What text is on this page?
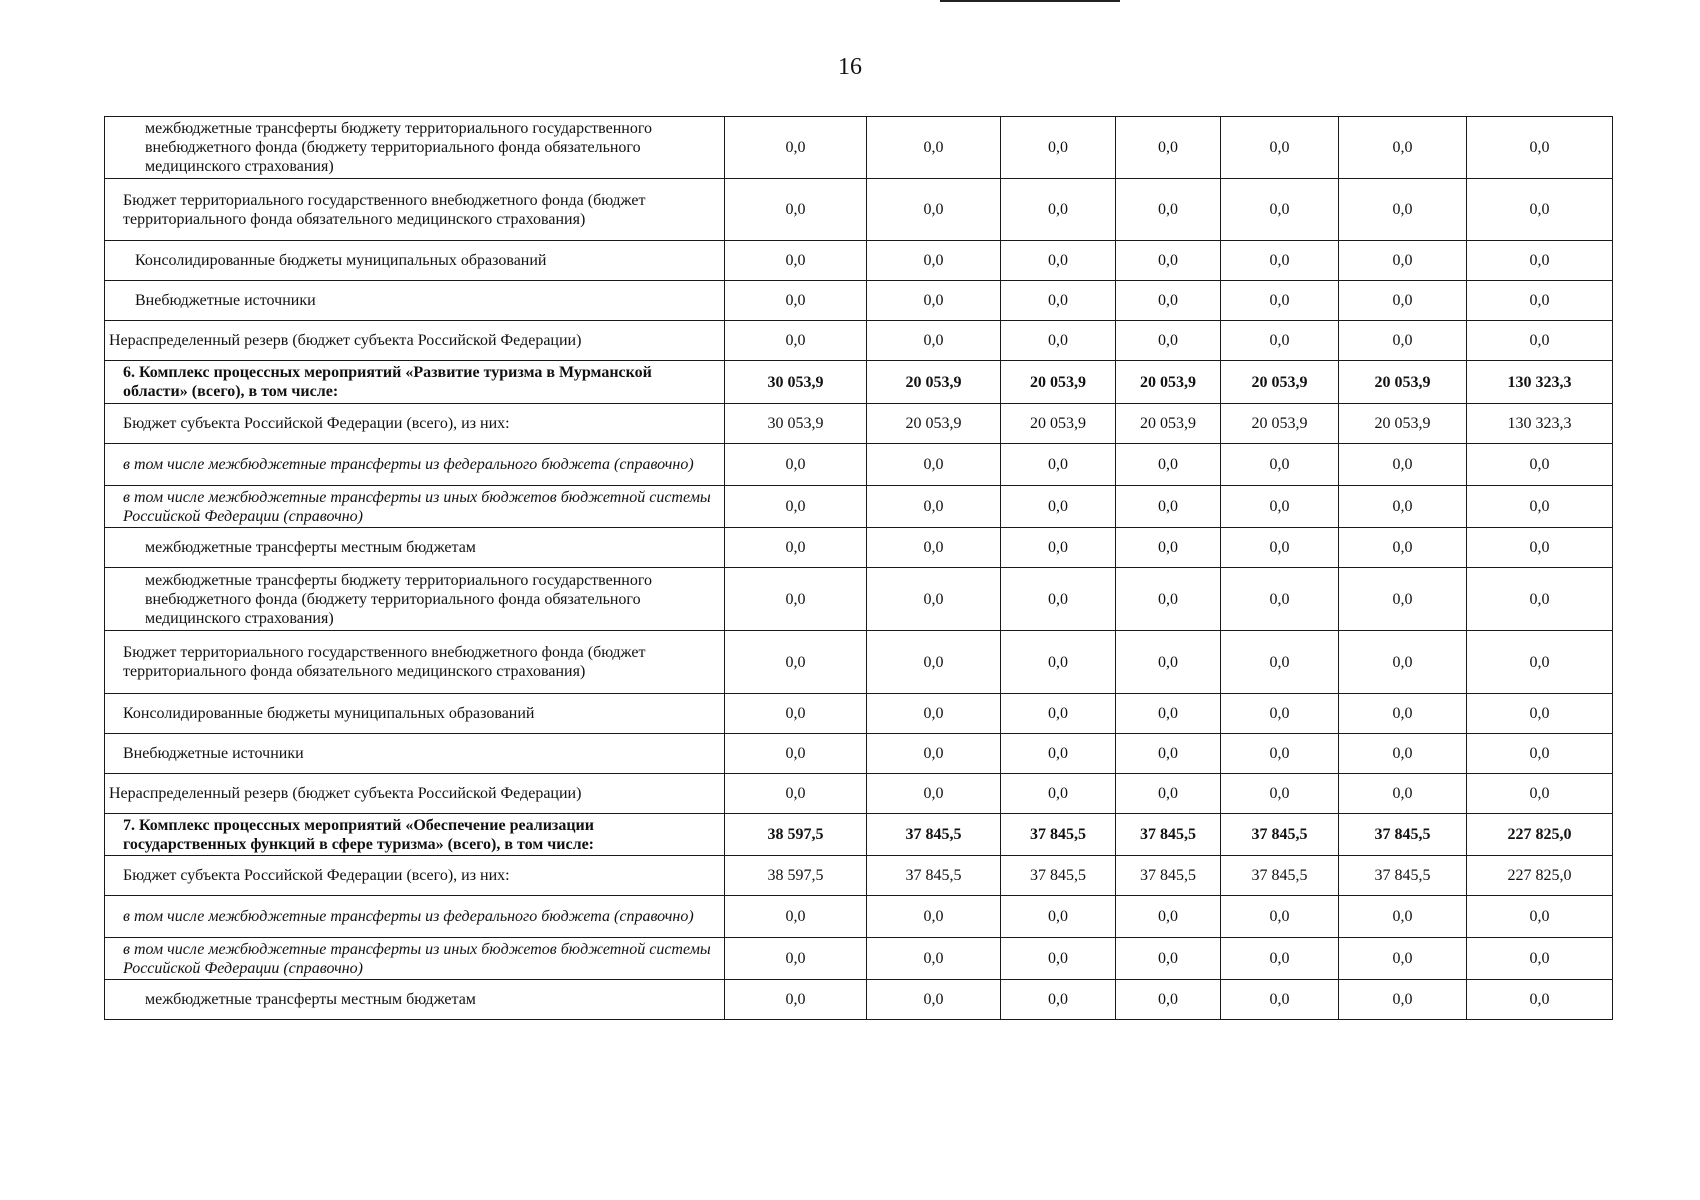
16
межбюджетные трансферты бюджету территориального государственного внебюджетного фонда (бюджету территориального фонда обязательного медицинского страхования)	0,0	0,0	0,0	0,0	0,0	0,0	0,0
Бюджет территориального государственного внебюджетного фонда (бюджет территориального фонда обязательного медицинского страхования)	0,0	0,0	0,0	0,0	0,0	0,0	0,0
Консолидированные бюджеты муниципальных образований	0,0	0,0	0,0	0,0	0,0	0,0	0,0
Внебюджетные источники	0,0	0,0	0,0	0,0	0,0	0,0	0,0
Нераспределенный резерв (бюджет субъекта Российской Федерации)	0,0	0,0	0,0	0,0	0,0	0,0	0,0
6. Комплекс процессных мероприятий «Развитие туризма в Мурманской области» (всего), в том числе:	30 053,9	20 053,9	20 053,9	20 053,9	20 053,9	20 053,9	130 323,3
Бюджет субъекта Российской Федерации (всего), из них:	30 053,9	20 053,9	20 053,9	20 053,9	20 053,9	20 053,9	130 323,3
в том числе межбюджетные трансферты из федерального бюджета (справочно)	0,0	0,0	0,0	0,0	0,0	0,0	0,0
в том числе межбюджетные трансферты из иных бюджетов бюджетной системы Российской Федерации (справочно)	0,0	0,0	0,0	0,0	0,0	0,0	0,0
межбюджетные трансферты местным бюджетам	0,0	0,0	0,0	0,0	0,0	0,0	0,0
межбюджетные трансферты бюджету территориального государственного внебюджетного фонда (бюджету территориального фонда обязательного медицинского страхования)	0,0	0,0	0,0	0,0	0,0	0,0	0,0
Бюджет территориального государственного внебюджетного фонда (бюджет территориального фонда обязательного медицинского страхования)	0,0	0,0	0,0	0,0	0,0	0,0	0,0
Консолидированные бюджеты муниципальных образований	0,0	0,0	0,0	0,0	0,0	0,0	0,0
Внебюджетные источники	0,0	0,0	0,0	0,0	0,0	0,0	0,0
Нераспределенный резерв (бюджет субъекта Российской Федерации)	0,0	0,0	0,0	0,0	0,0	0,0	0,0
7. Комплекс процессных мероприятий «Обеспечение реализации государственных функций в сфере туризма» (всего), в том числе:	38 597,5	37 845,5	37 845,5	37 845,5	37 845,5	37 845,5	227 825,0
Бюджет субъекта Российской Федерации (всего), из них:	38 597,5	37 845,5	37 845,5	37 845,5	37 845,5	37 845,5	227 825,0
в том числе межбюджетные трансферты из федерального бюджета (справочно)	0,0	0,0	0,0	0,0	0,0	0,0	0,0
в том числе межбюджетные трансферты из иных бюджетов бюджетной системы Российской Федерации (справочно)	0,0	0,0	0,0	0,0	0,0	0,0	0,0
межбюджетные трансферты местным бюджетам	0,0	0,0	0,0	0,0	0,0	0,0	0,0
